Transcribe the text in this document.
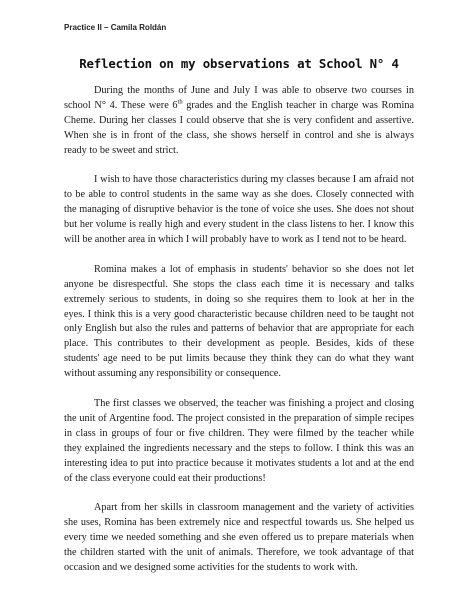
Practice II – Camila Roldán
Reflection on my observations at School N° 4

During the months of June and July I was able to observe two courses in school N° 4. These were 6th grades and the English teacher in charge was Romina Cheme. During her classes I could observe that she is very confident and assertive. When she is in front of the class, she shows herself in control and she is always ready to be sweet and strict.

I wish to have those characteristics during my classes because I am afraid not to be able to control students in the same way as she does. Closely connected with the managing of disruptive behavior is the tone of voice she uses. She does not shout but her volume is really high and every student in the class listens to her. I know this will be another area in which I will probably have to work as I tend not to be heard.

Romina makes a lot of emphasis in students' behavior so she does not let anyone be disrespectful. She stops the class each time it is necessary and talks extremely serious to students, in doing so she requires them to look at her in the eyes. I think this is a very good characteristic because children need to be taught not only English but also the rules and patterns of behavior that are appropriate for each place. This contributes to their development as people. Besides, kids of these students' age need to be put limits because they think they can do what they want without assuming any responsibility or consequence.

The first classes we observed, the teacher was finishing a project and closing the unit of Argentine food. The project consisted in the preparation of simple recipes in class in groups of four or five children. They were filmed by the teacher while they explained the ingredients necessary and the steps to follow. I think this was an interesting idea to put into practice because it motivates students a lot and at the end of the class everyone could eat their productions!

Apart from her skills in classroom management and the variety of activities she uses, Romina has been extremely nice and respectful towards us. She helped us every time we needed something and she even offered us to prepare materials when the children started with the unit of animals. Therefore, we took advantage of that occasion and we designed some activities for the students to work with.
